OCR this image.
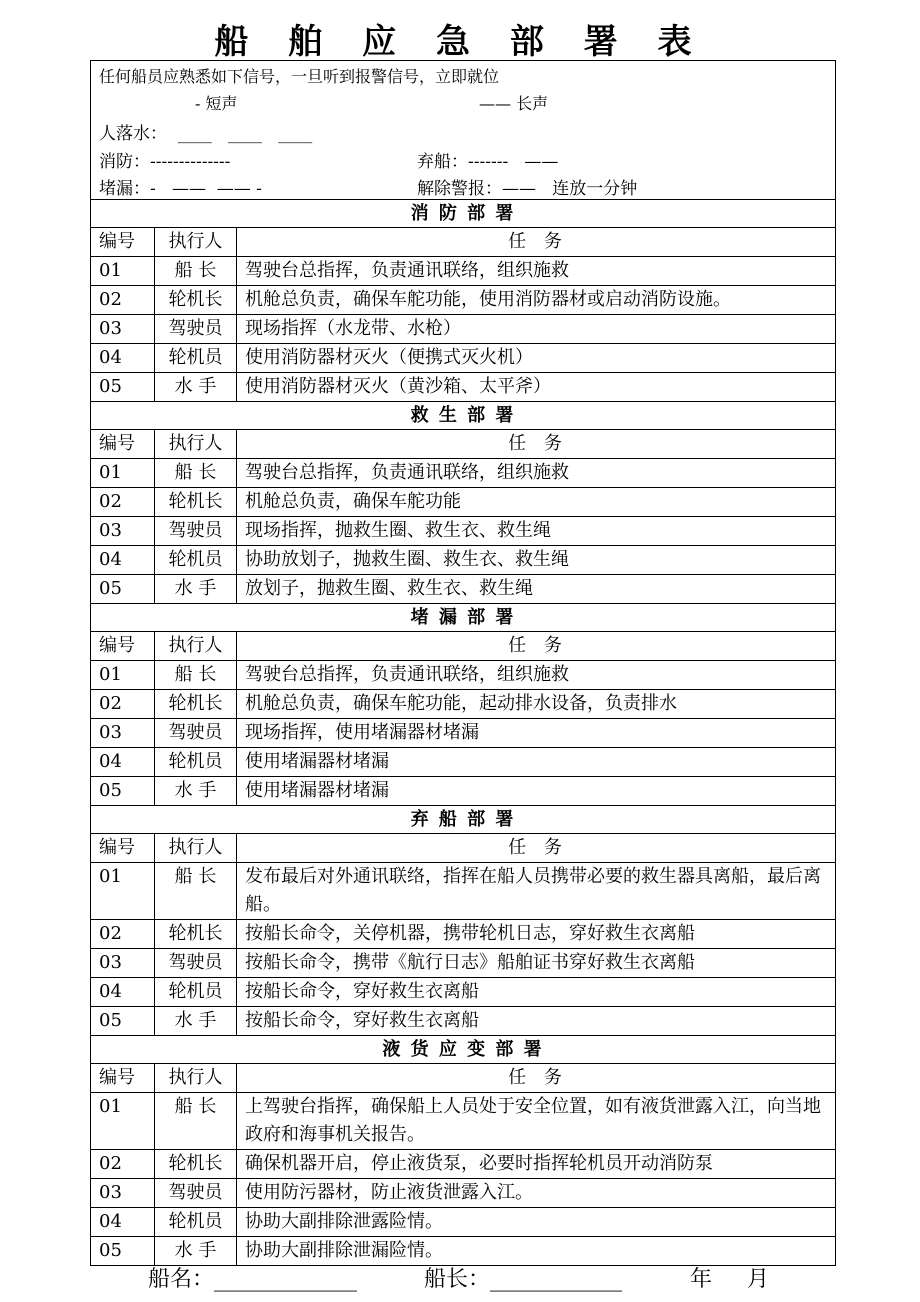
船 舶 应 急 部 署 表
任何船员应熟悉如下信号，一旦听到报警信号，立即就位
- 短声	—— 长声
人落水：  ____   ____   ____
消防：--------------	弃船：-------   ——
堵漏：-   ——  —— -	解除警报：——   连放一分钟
消 防 部 署
编号	执行人	任 务
01	船 长	驾驶台总指挥，负责通讯联络，组织施救
02	轮机长	机舱总负责，确保车舵功能，使用消防器材或启动消防设施。
03	驾驶员	现场指挥（水龙带、水枪）
04	轮机员	使用消防器材灭火（便携式灭火机）
05	水 手	使用消防器材灭火（黄沙箱、太平斧）
救 生 部 署
编号	执行人	任 务
01	船 长	驾驶台总指挥，负责通讯联络，组织施救
02	轮机长	机舱总负责，确保车舵功能
03	驾驶员	现场指挥，抛救生圈、救生衣、救生绳
04	轮机员	协助放划子，抛救生圈、救生衣、救生绳
05	水 手	放划子，抛救生圈、救生衣、救生绳
堵 漏 部 署
编号	执行人	任 务
01	船 长	驾驶台总指挥，负责通讯联络，组织施救
02	轮机长	机舱总负责，确保车舵功能，起动排水设备，负责排水
03	驾驶员	现场指挥，使用堵漏器材堵漏
04	轮机员	使用堵漏器材堵漏
05	水 手	使用堵漏器材堵漏
弃 船 部 署
编号	执行人	任 务
01	船 长	发布最后对外通讯联络，指挥在船人员携带必要的救生器具离船，最后离船。
02	轮机长	按船长命令，关停机器，携带轮机日志，穿好救生衣离船
03	驾驶员	按船长命令，携带《航行日志》船舶证书穿好救生衣离船
04	轮机员	按船长命令，穿好救生衣离船
05	水 手	按船长命令，穿好救生衣离船
液 货 应 变 部 署
编号	执行人	任 务
01	船 长	上驾驶台指挥，确保船上人员处于安全位置，如有液货泄露入江，向当地政府和海事机关报告。
02	轮机长	确保机器开启，停止液货泵，必要时指挥轮机员开动消防泵
03	驾驶员	使用防污器材，防止液货泄露入江。
04	轮机员	协助大副排除泄露险情。
05	水 手	协助大副排除泄漏险情。
船名：_____________	船长：____________	年     月
